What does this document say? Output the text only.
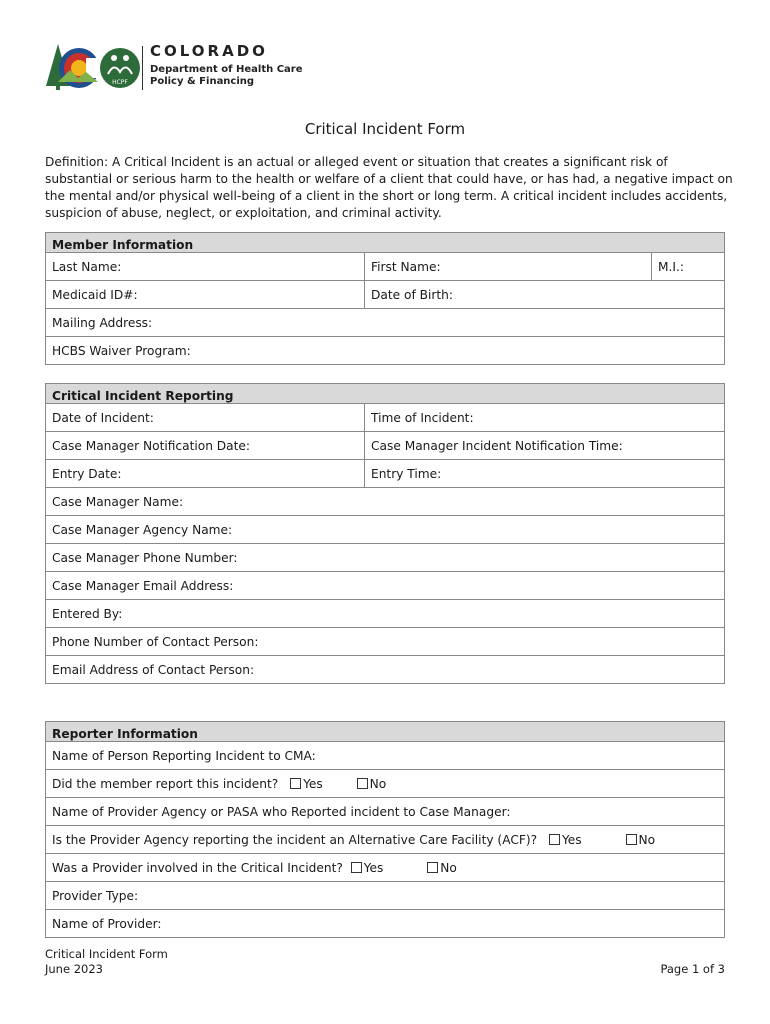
HCPF
COLORADO
Department of Health Care
Policy & Financing
Critical Incident Form
Definition: A Critical Incident is an actual or alleged event or situation that creates a significant risk of substantial or serious harm to the health or welfare of a client that could have, or has had, a negative impact on the mental and/or physical well-being of a client in the short or long term. A critical incident includes accidents, suspicion of abuse, neglect, or exploitation, and criminal activity.
Member Information		
Last Name:	First Name:	M.I.:
Medicaid ID#:	Date of Birth:	
Mailing Address:		
HCBS Waiver Program:		
Critical Incident Reporting	
Date of Incident:	Time of Incident:
Case Manager Notification Date:	Case Manager Incident Notification Time:
Entry Date:	Entry Time:
Case Manager Name:	
Case Manager Agency Name:	
Case Manager Phone Number:	
Case Manager Email Address:	
Entered By:	
Phone Number of Contact Person:	
Email Address of Contact Person:	
Reporter Information
Name of Person Reporting Incident to CMA:
Did the member report this incident? Yes	No
Name of Provider Agency or PASA who Reported incident to Case Manager:
Is the Provider Agency reporting the incident an Alternative Care Facility (ACF)? Yes	No
Was a Provider involved in the Critical Incident? Yes	No
Provider Type:
Name of Provider:
Critical Incident Form
June 2023	Page 1 of 3
